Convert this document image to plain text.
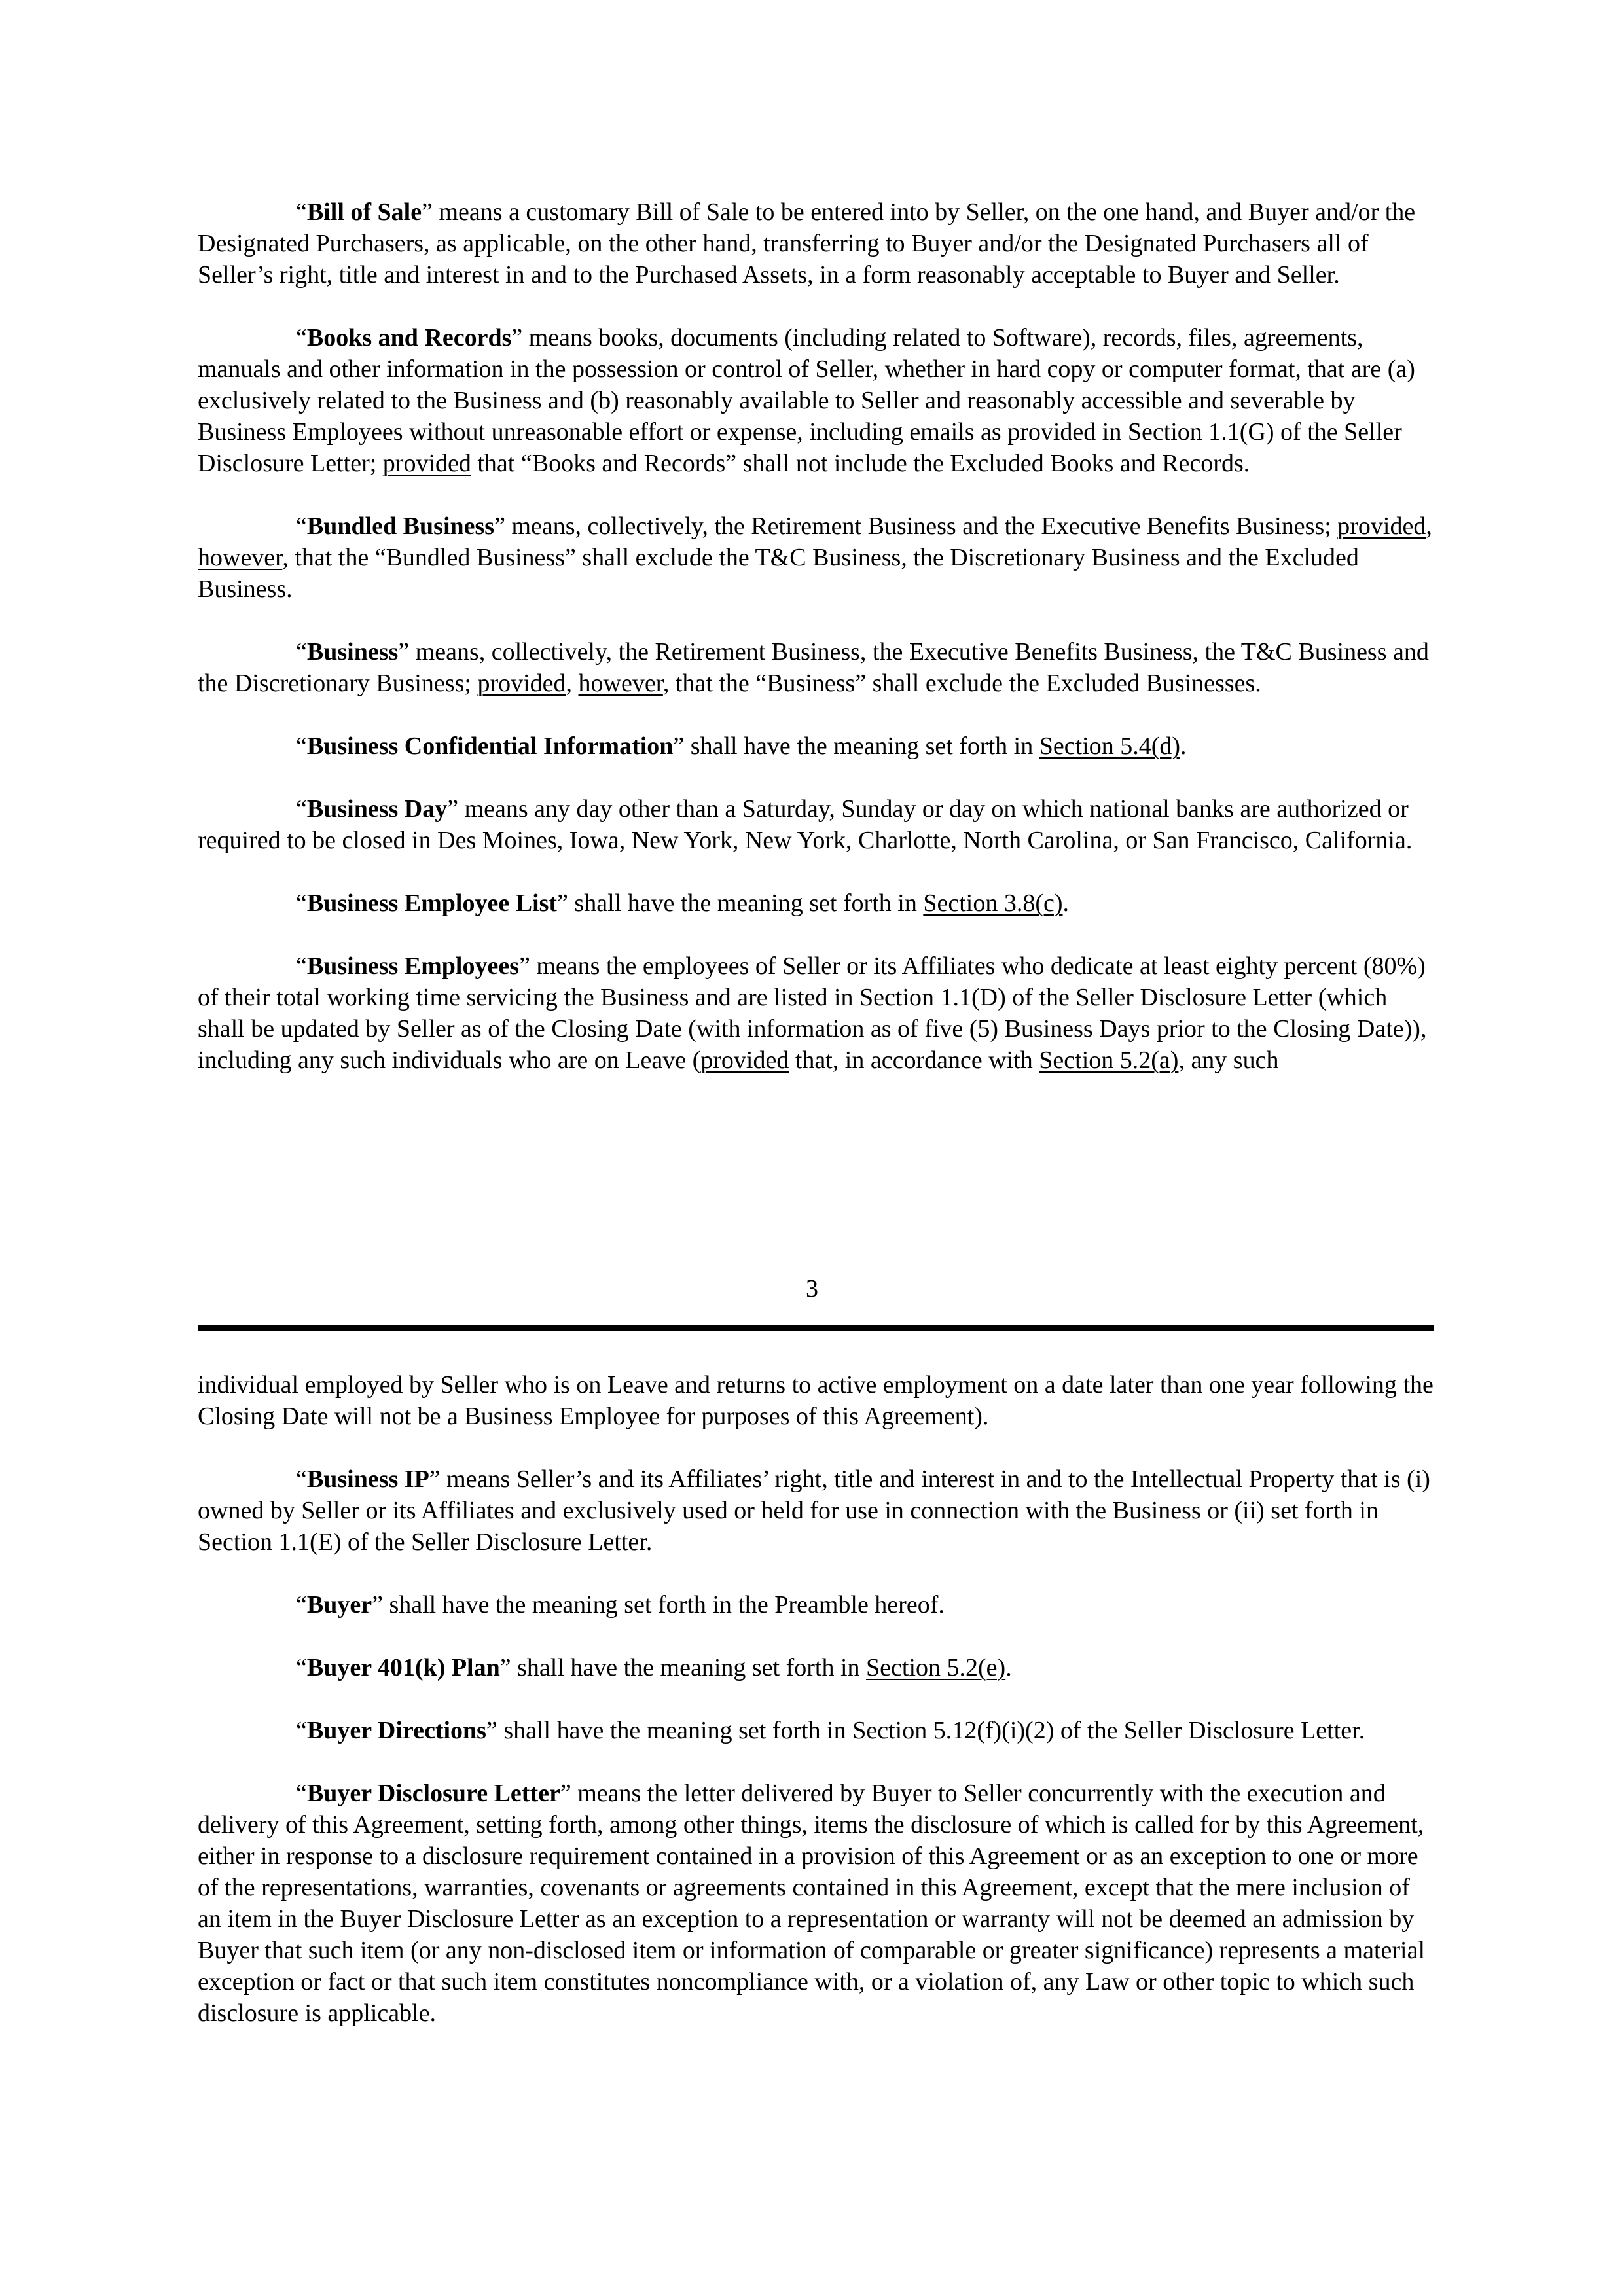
“Bill of Sale” means a customary Bill of Sale to be entered into by Seller, on the one hand, and Buyer and/or the Designated Purchasers, as applicable, on the other hand, transferring to Buyer and/or the Designated Purchasers all of Seller’s right, title and interest in and to the Purchased Assets, in a form reasonably acceptable to Buyer and Seller.

“Books and Records” means books, documents (including related to Software), records, files, agreements, manuals and other information in the possession or control of Seller, whether in hard copy or computer format, that are (a) exclusively related to the Business and (b) reasonably available to Seller and reasonably accessible and severable by Business Employees without unreasonable effort or expense, including emails as provided in Section 1.1(G) of the Seller Disclosure Letter; provided that “Books and Records” shall not include the Excluded Books and Records.

“Bundled Business” means, collectively, the Retirement Business and the Executive Benefits Business; provided, however, that the “Bundled Business” shall exclude the T&C Business, the Discretionary Business and the Excluded Business.

“Business” means, collectively, the Retirement Business, the Executive Benefits Business, the T&C Business and the Discretionary Business; provided, however, that the “Business” shall exclude the Excluded Businesses.

“Business Confidential Information” shall have the meaning set forth in Section 5.4(d).

“Business Day” means any day other than a Saturday, Sunday or day on which national banks are authorized or required to be closed in Des Moines, Iowa, New York, New York, Charlotte, North Carolina, or San Francisco, California.

“Business Employee List” shall have the meaning set forth in Section 3.8(c).

“Business Employees” means the employees of Seller or its Affiliates who dedicate at least eighty percent (80%) of their total working time servicing the Business and are listed in Section 1.1(D) of the Seller Disclosure Letter (which shall be updated by Seller as of the Closing Date (with information as of five (5) Business Days prior to the Closing Date)), including any such individuals who are on Leave (provided that, in accordance with Section 5.2(a), any such

3

individual employed by Seller who is on Leave and returns to active employment on a date later than one year following the Closing Date will not be a Business Employee for purposes of this Agreement).

“Business IP” means Seller’s and its Affiliates’ right, title and interest in and to the Intellectual Property that is (i) owned by Seller or its Affiliates and exclusively used or held for use in connection with the Business or (ii) set forth in Section 1.1(E) of the Seller Disclosure Letter.

“Buyer” shall have the meaning set forth in the Preamble hereof.

“Buyer 401(k) Plan” shall have the meaning set forth in Section 5.2(e).

“Buyer Directions” shall have the meaning set forth in Section 5.12(f)(i)(2) of the Seller Disclosure Letter.

“Buyer Disclosure Letter” means the letter delivered by Buyer to Seller concurrently with the execution and delivery of this Agreement, setting forth, among other things, items the disclosure of which is called for by this Agreement, either in response to a disclosure requirement contained in a provision of this Agreement or as an exception to one or more of the representations, warranties, covenants or agreements contained in this Agreement, except that the mere inclusion of an item in the Buyer Disclosure Letter as an exception to a representation or warranty will not be deemed an admission by Buyer that such item (or any non-disclosed item or information of comparable or greater significance) represents a material exception or fact or that such item constitutes noncompliance with, or a violation of, any Law or other topic to which such disclosure is applicable.
